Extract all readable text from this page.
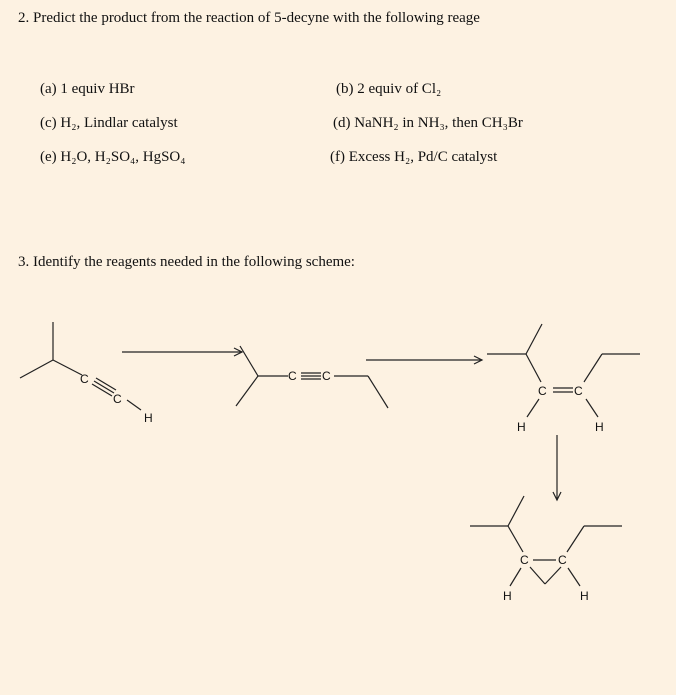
2. Predict the product from the reaction of 5-decyne with the following reage
(a) 1 equiv HBr	(b) 2 equiv of Cl₂
(c) H₂, Lindlar catalyst	(d) NaNH₂ in NH₃, then CH₃Br
(e) H₂O, H₂SO₄, HgSO₄	(f) Excess H₂, Pd/C catalyst
3. Identify the reagents needed in the following scheme:
C
C
H
C C
C C
H	H
C C
H	H
